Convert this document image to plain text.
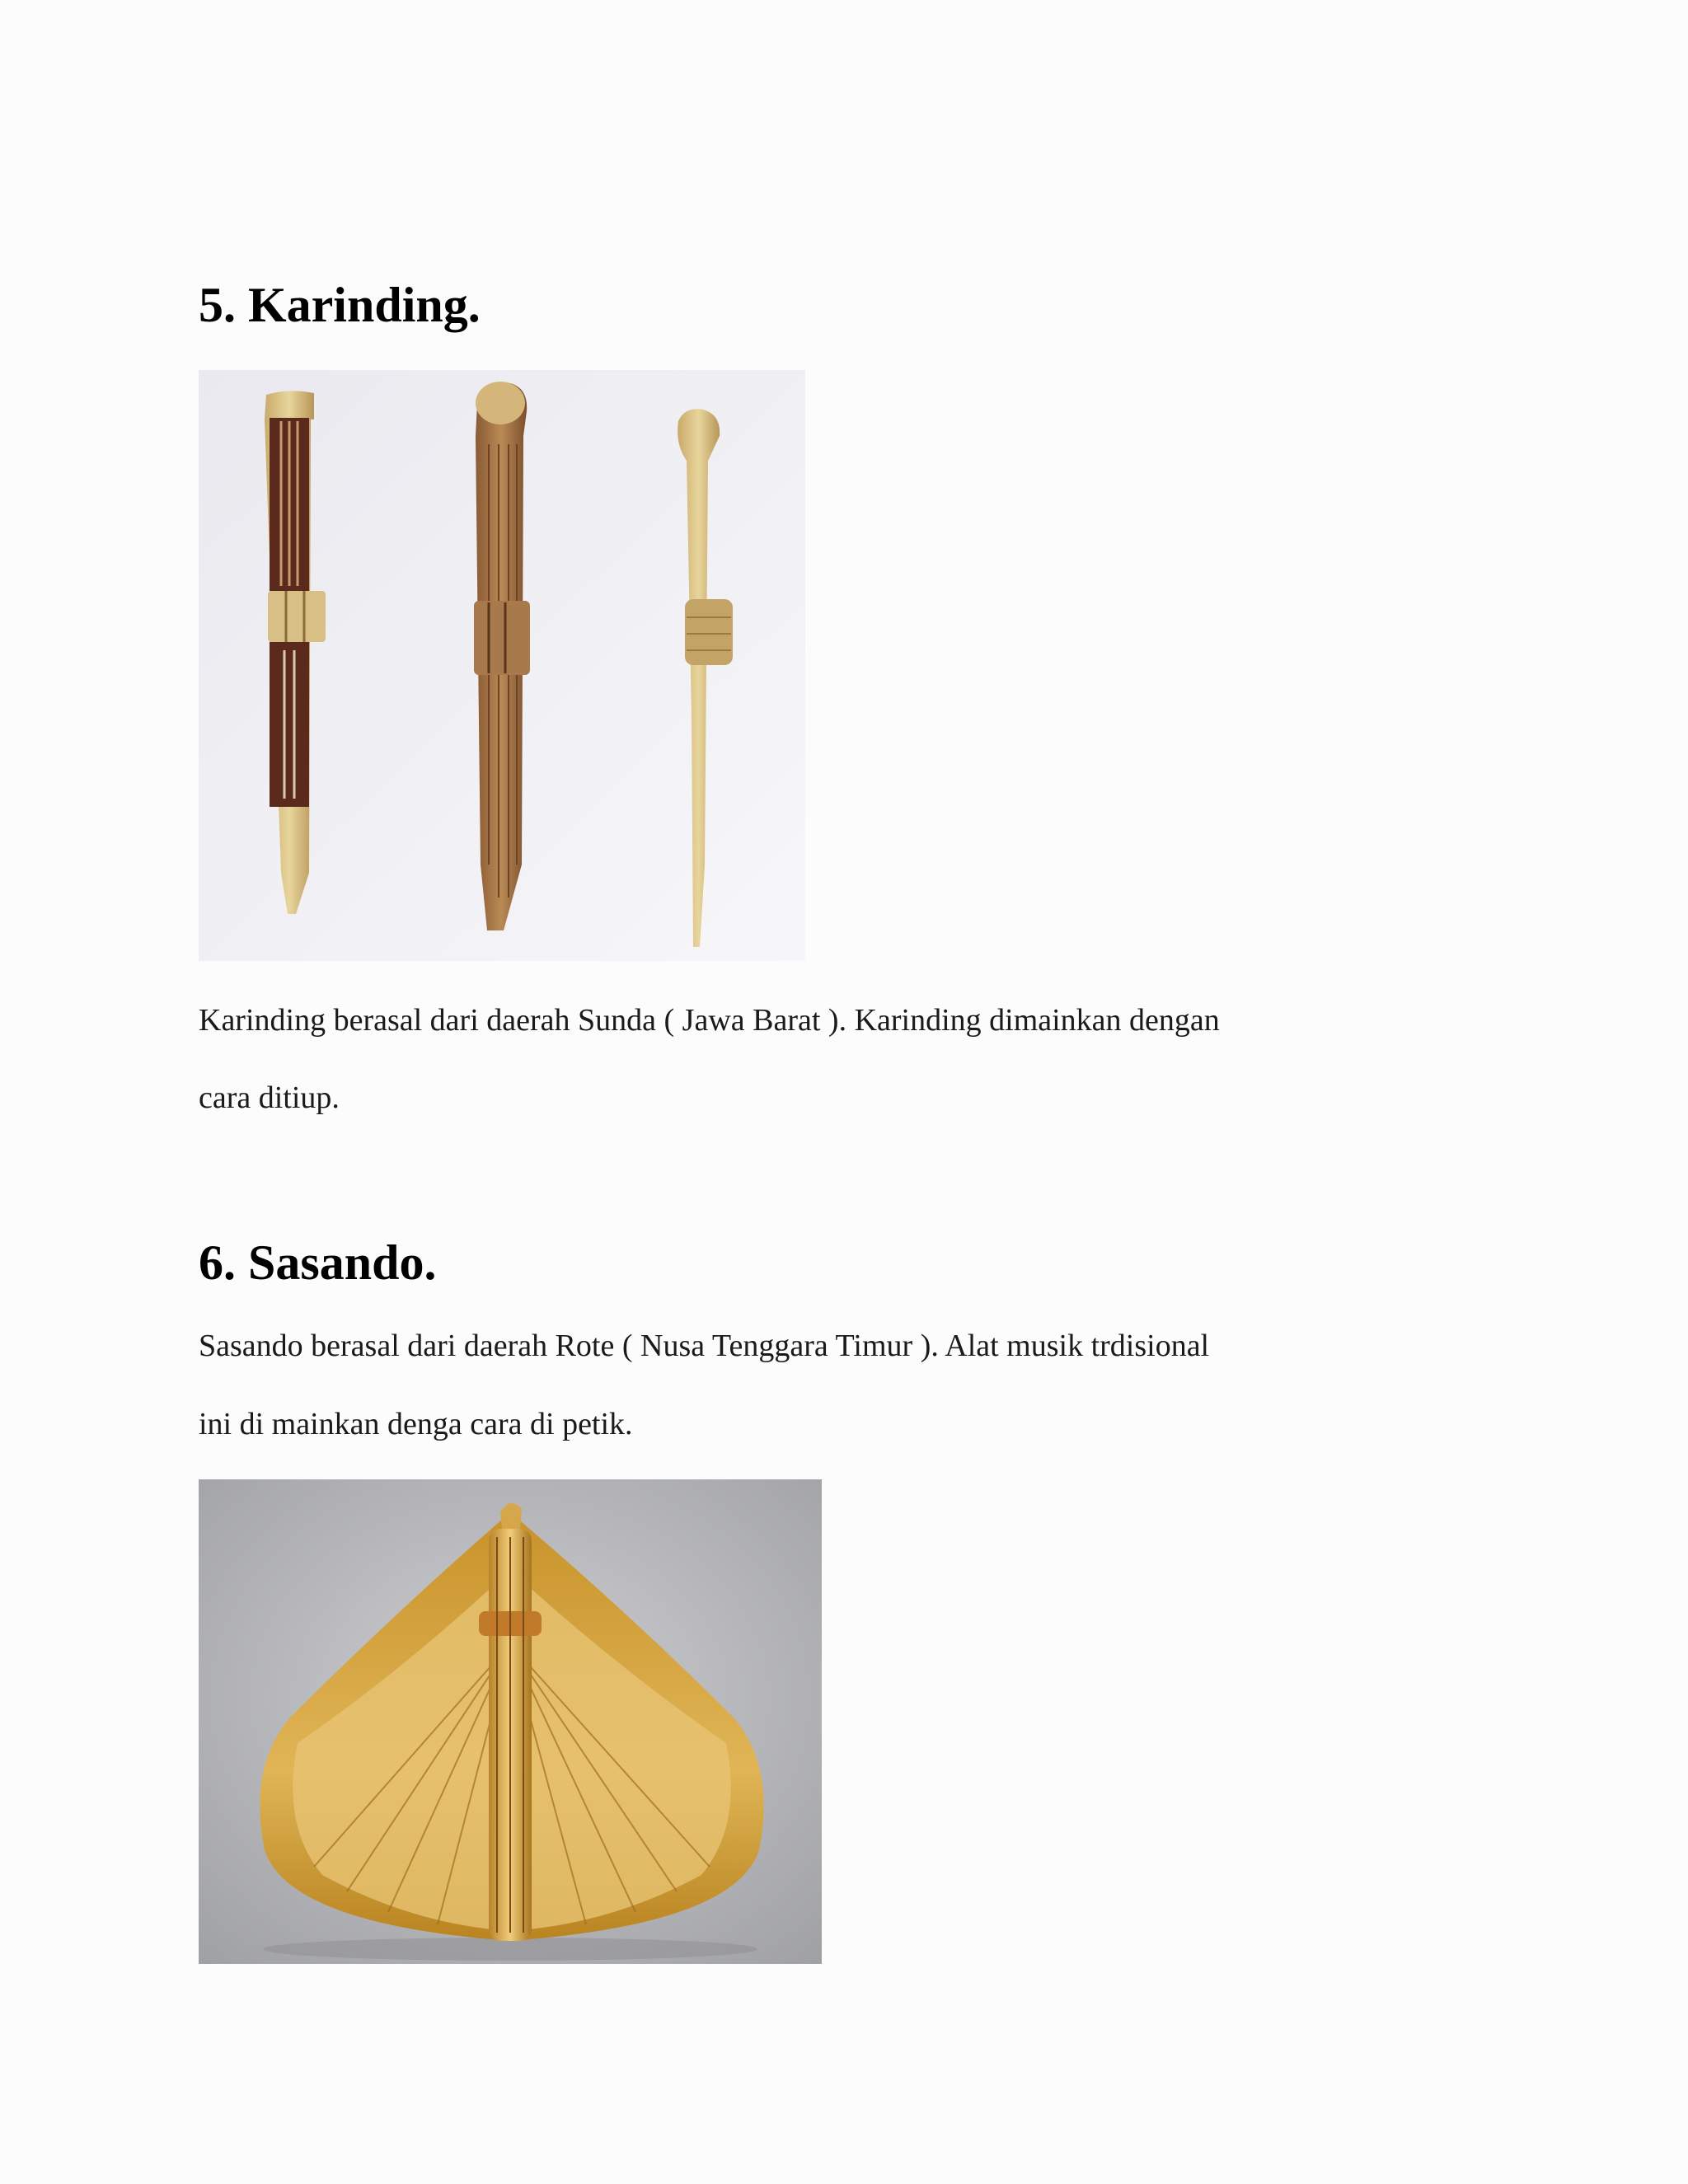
5. Karinding.

Karinding berasal dari daerah Sunda ( Jawa Barat ). Karinding dimainkan dengan

cara ditiup.

6. Sasando.

Sasando berasal dari daerah Rote ( Nusa Tenggara Timur ). Alat musik trdisional

ini di mainkan denga cara di petik.
